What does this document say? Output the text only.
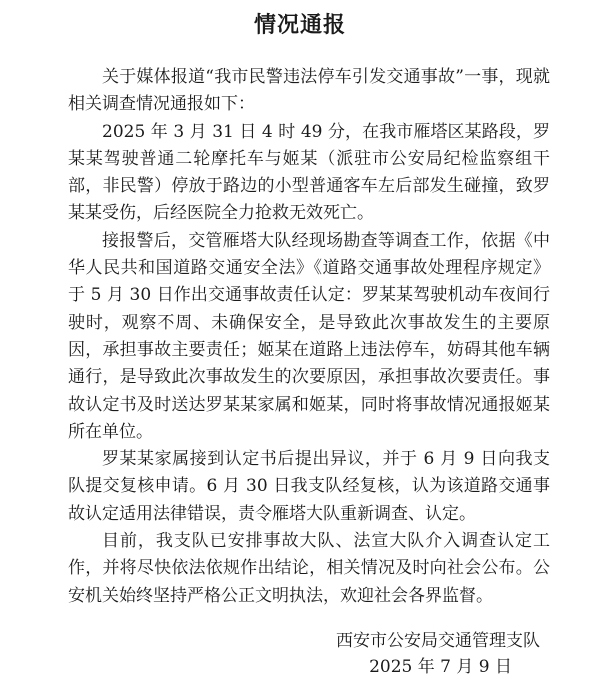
情况通报

关于媒体报道“我市民警违法停车引发交通事故”一事，现就相关调查情况通报如下：

2025 年 3 月 31 日 4 时 49 分，在我市雁塔区某路段，罗某某驾驶普通二轮摩托车与姬某（派驻市公安局纪检监察组干部，非民警）停放于路边的小型普通客车左后部发生碰撞，致罗某某受伤，后经医院全力抢救无效死亡。

接报警后，交管雁塔大队经现场勘查等调查工作，依据《中华人民共和国道路交通安全法》《道路交通事故处理程序规定》于 5 月 30 日作出交通事故责任认定：罗某某驾驶机动车夜间行驶时，观察不周、未确保安全，是导致此次事故发生的主要原因，承担事故主要责任；姬某在道路上违法停车，妨碍其他车辆通行，是导致此次事故发生的次要原因，承担事故次要责任。事故认定书及时送达罗某某家属和姬某，同时将事故情况通报姬某所在单位。

罗某某家属接到认定书后提出异议，并于 6 月 9 日向我支队提交复核申请。6 月 30 日我支队经复核，认为该道路交通事故认定适用法律错误，责令雁塔大队重新调查、认定。

目前，我支队已安排事故大队、法宣大队介入调查认定工作，并将尽快依法依规作出结论，相关情况及时向社会公布。公安机关始终坚持严格公正文明执法，欢迎社会各界监督。

西安市公安局交通管理支队
2025 年 7 月 9 日
